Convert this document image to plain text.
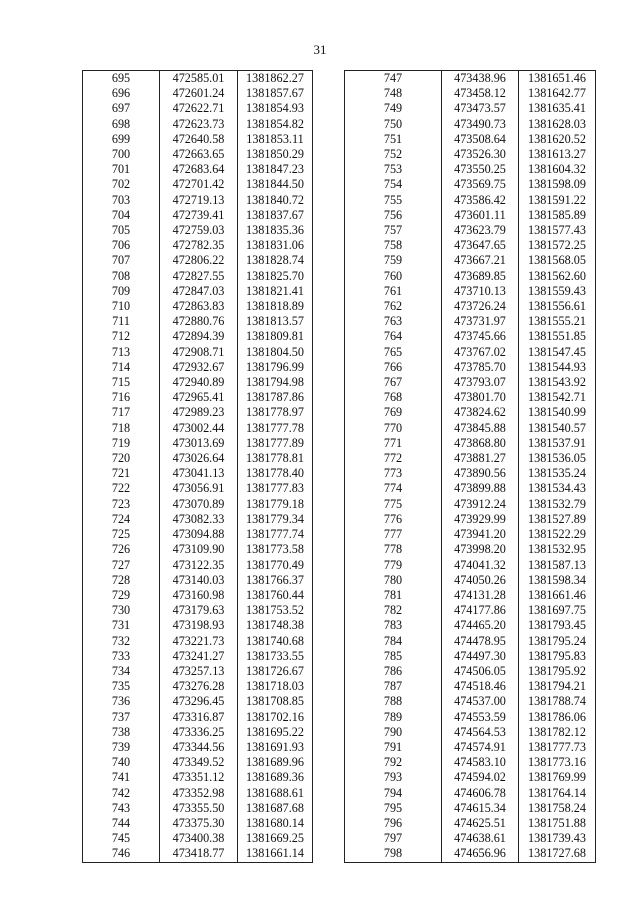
31
695	472585.01	1381862.27
696	472601.24	1381857.67
697	472622.71	1381854.93
698	472623.73	1381854.82
699	472640.58	1381853.11
700	472663.65	1381850.29
701	472683.64	1381847.23
702	472701.42	1381844.50
703	472719.13	1381840.72
704	472739.41	1381837.67
705	472759.03	1381835.36
706	472782.35	1381831.06
707	472806.22	1381828.74
708	472827.55	1381825.70
709	472847.03	1381821.41
710	472863.83	1381818.89
711	472880.76	1381813.57
712	472894.39	1381809.81
713	472908.71	1381804.50
714	472932.67	1381796.99
715	472940.89	1381794.98
716	472965.41	1381787.86
717	472989.23	1381778.97
718	473002.44	1381777.78
719	473013.69	1381777.89
720	473026.64	1381778.81
721	473041.13	1381778.40
722	473056.91	1381777.83
723	473070.89	1381779.18
724	473082.33	1381779.34
725	473094.88	1381777.74
726	473109.90	1381773.58
727	473122.35	1381770.49
728	473140.03	1381766.37
729	473160.98	1381760.44
730	473179.63	1381753.52
731	473198.93	1381748.38
732	473221.73	1381740.68
733	473241.27	1381733.55
734	473257.13	1381726.67
735	473276.28	1381718.03
736	473296.45	1381708.85
737	473316.87	1381702.16
738	473336.25	1381695.22
739	473344.56	1381691.93
740	473349.52	1381689.96
741	473351.12	1381689.36
742	473352.98	1381688.61
743	473355.50	1381687.68
744	473375.30	1381680.14
745	473400.38	1381669.25
746	473418.77	1381661.14
747	473438.96	1381651.46
748	473458.12	1381642.77
749	473473.57	1381635.41
750	473490.73	1381628.03
751	473508.64	1381620.52
752	473526.30	1381613.27
753	473550.25	1381604.32
754	473569.75	1381598.09
755	473586.42	1381591.22
756	473601.11	1381585.89
757	473623.79	1381577.43
758	473647.65	1381572.25
759	473667.21	1381568.05
760	473689.85	1381562.60
761	473710.13	1381559.43
762	473726.24	1381556.61
763	473731.97	1381555.21
764	473745.66	1381551.85
765	473767.02	1381547.45
766	473785.70	1381544.93
767	473793.07	1381543.92
768	473801.70	1381542.71
769	473824.62	1381540.99
770	473845.88	1381540.57
771	473868.80	1381537.91
772	473881.27	1381536.05
773	473890.56	1381535.24
774	473899.88	1381534.43
775	473912.24	1381532.79
776	473929.99	1381527.89
777	473941.20	1381522.29
778	473998.20	1381532.95
779	474041.32	1381587.13
780	474050.26	1381598.34
781	474131.28	1381661.46
782	474177.86	1381697.75
783	474465.20	1381793.45
784	474478.95	1381795.24
785	474497.30	1381795.83
786	474506.05	1381795.92
787	474518.46	1381794.21
788	474537.00	1381788.74
789	474553.59	1381786.06
790	474564.53	1381782.12
791	474574.91	1381777.73
792	474583.10	1381773.16
793	474594.02	1381769.99
794	474606.78	1381764.14
795	474615.34	1381758.24
796	474625.51	1381751.88
797	474638.61	1381739.43
798	474656.96	1381727.68
